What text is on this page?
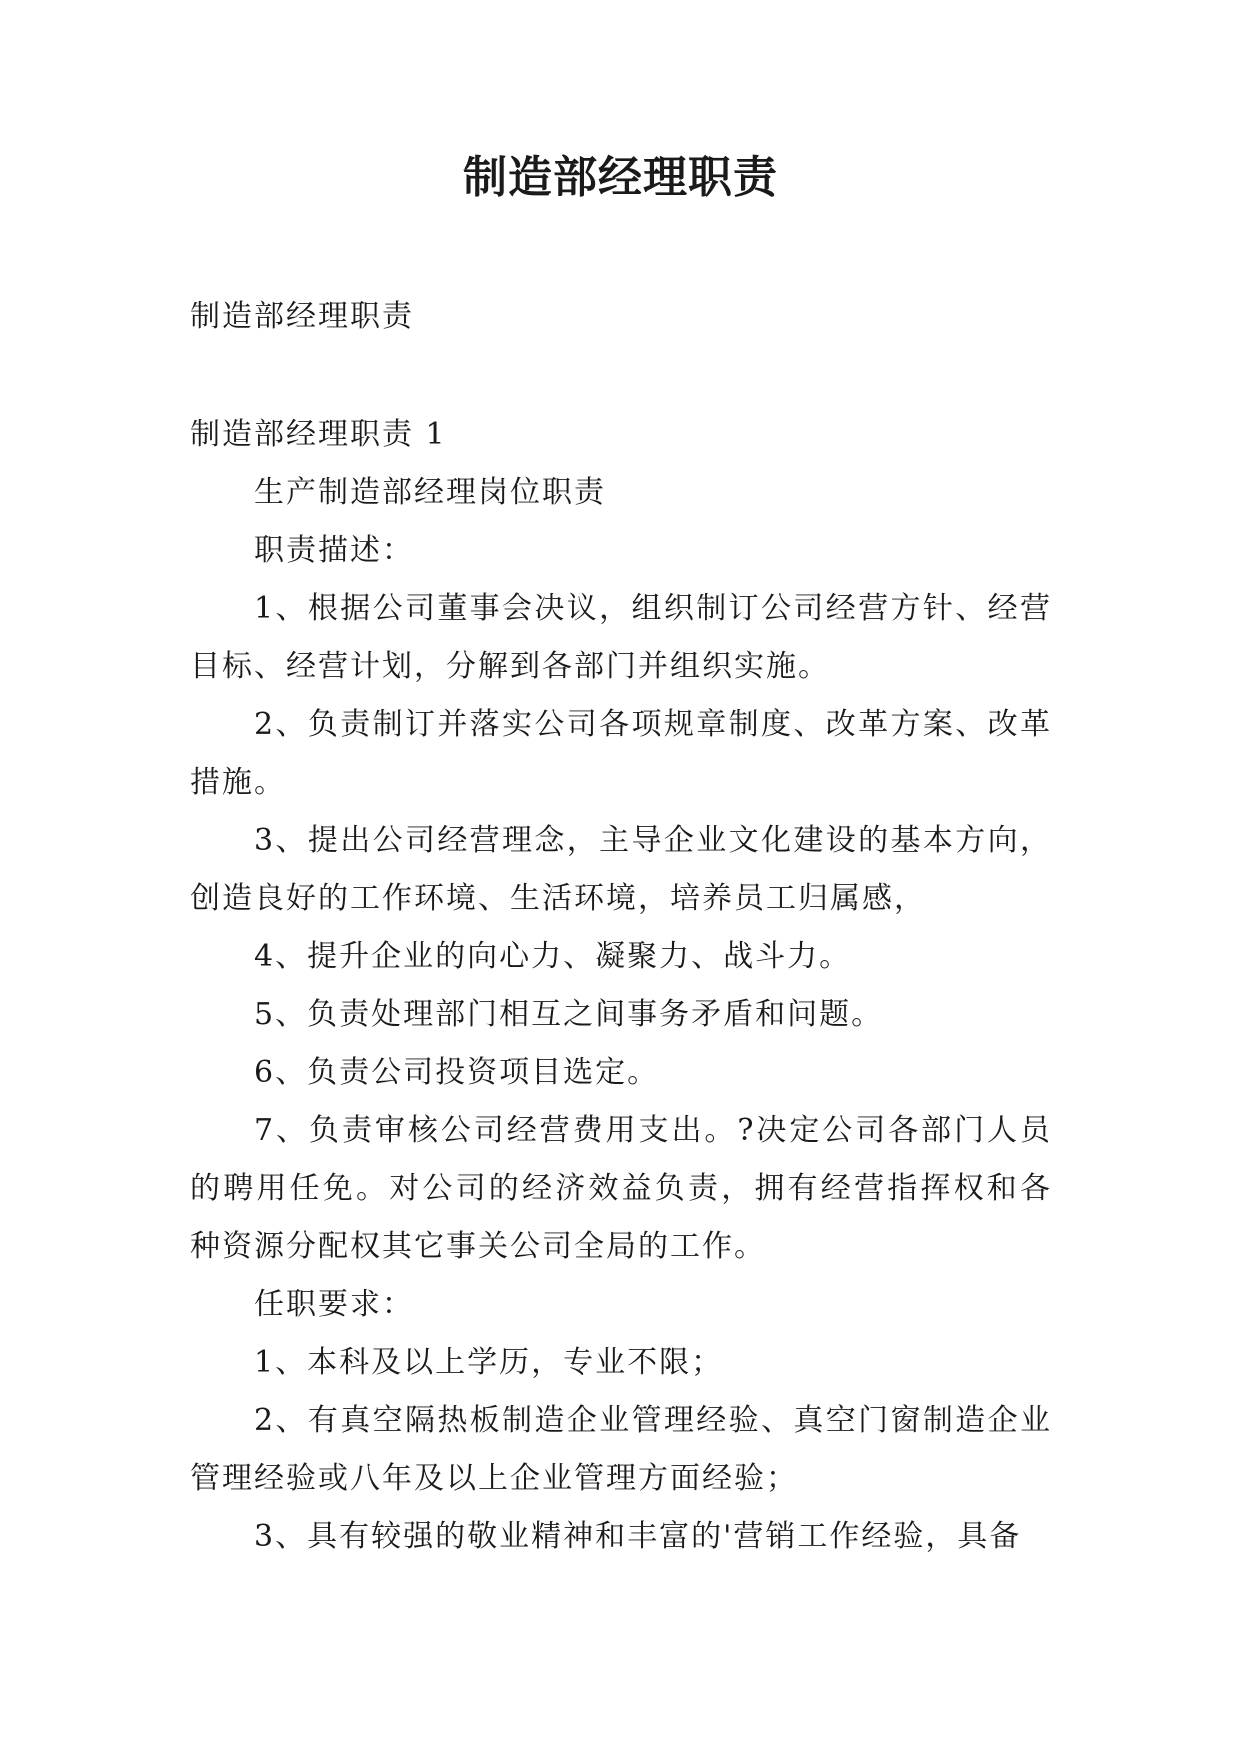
制造部经理职责

制造部经理职责

制造部经理职责 1

生产制造部经理岗位职责

职责描述：

1、根据公司董事会决议，组织制订公司经营方针、经营目标、经营计划，分解到各部门并组织实施。

2、负责制订并落实公司各项规章制度、改革方案、改革措施。

3、提出公司经营理念，主导企业文化建设的基本方向，创造良好的工作环境、生活环境，培养员工归属感，

4、提升企业的向心力、凝聚力、战斗力。

5、负责处理部门相互之间事务矛盾和问题。

6、负责公司投资项目选定。

7、负责审核公司经营费用支出。?决定公司各部门人员的聘用任免。对公司的经济效益负责，拥有经营指挥权和各种资源分配权其它事关公司全局的工作。

任职要求：

1、本科及以上学历，专业不限；

2、有真空隔热板制造企业管理经验、真空门窗制造企业管理经验或八年及以上企业管理方面经验；

3、具有较强的敬业精神和丰富的'营销工作经验，具备
